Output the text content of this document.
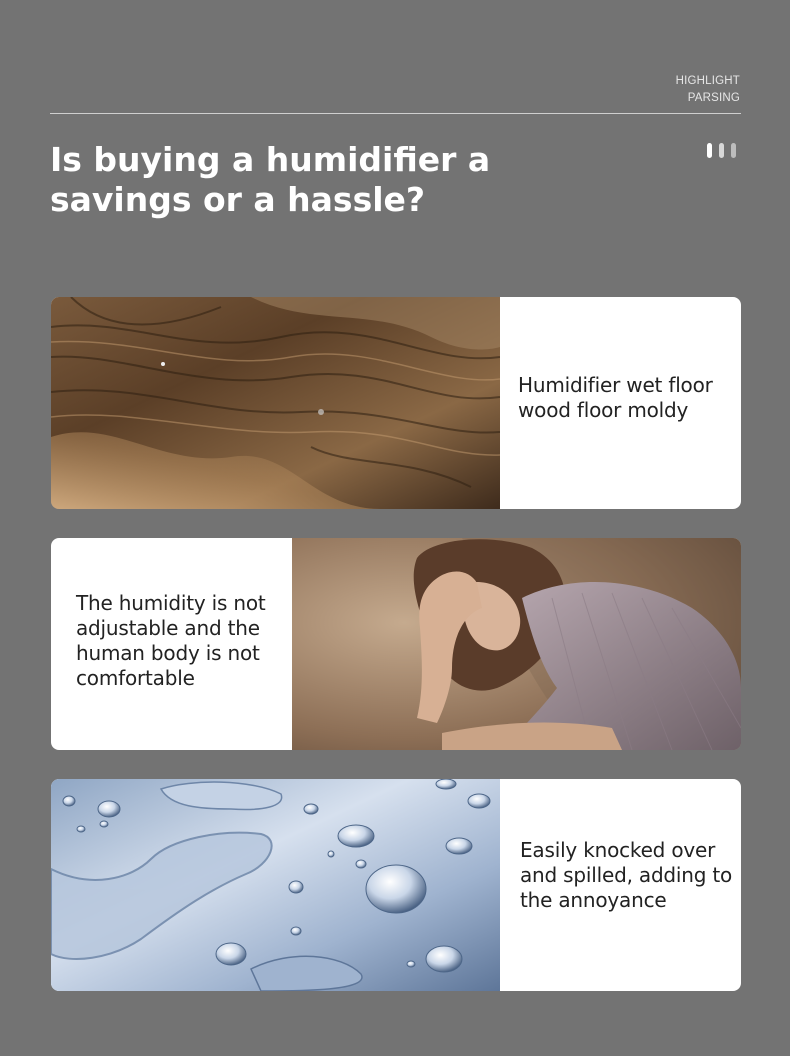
HIGHLIGHT
PARSING
Is buying a humidifier a savings or a hassle?
Humidifier wet floor wood floor moldy
The humidity is not adjustable and the human body is not comfortable
Easily knocked over and spilled, adding to the annoyance
